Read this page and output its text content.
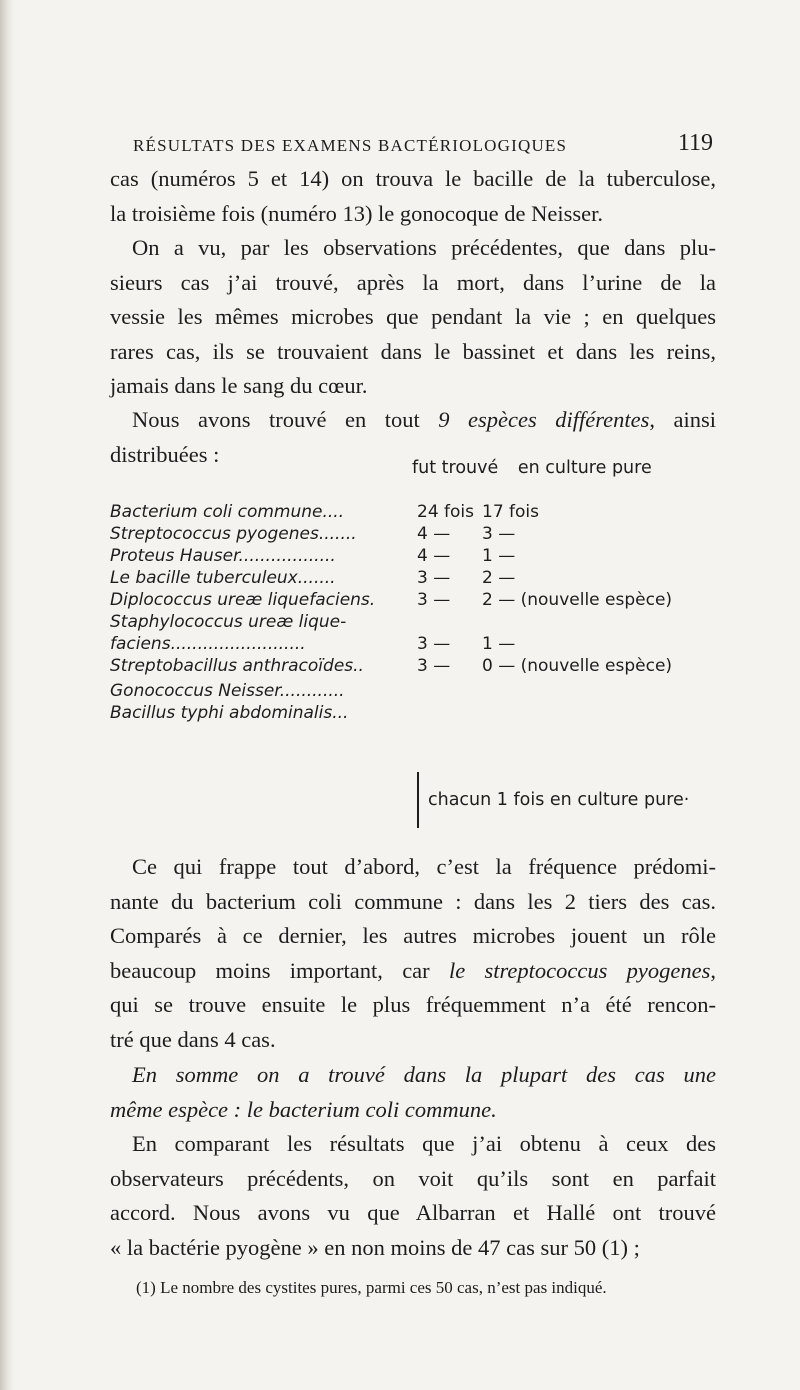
RÉSULTATS DES EXAMENS BACTÉRIOLOGIQUES	119
cas (numéros 5 et 14) on trouva le bacille de la tuberculose,
la troisième fois (numéro 13) le gonocoque de Neisser.
On a vu, par les observations précédentes, que dans plu-
sieurs cas j’ai trouvé, après la mort, dans l’urine de la
vessie les mêmes microbes que pendant la vie ; en quelques
rares cas, ils se trouvaient dans le bassinet et dans les reins,
jamais dans le sang du cœur.
Nous avons trouvé en tout 9 espèces différentes, ainsi
distribuées :
fut trouvé en culture pure
Bacterium coli commune....	24 fois 17 fois
Streptococcus pyogenes.......	4 — 3 —
Proteus Hauser..................	4 — 1 —
Le bacille tuberculeux.......	3 — 2 —
Diplococcus ureæ liquefaciens. 3 — 2 — (nouvelle espèce)
Staphylococcus ureæ lique-
faciens.........................	3 — 1 —
Streptobacillus anthracoïdes..	3 — 0 — (nouvelle espèce)
Gonococcus Neisser............
Bacillus typhi abdominalis...
chacun 1 fois en culture pure·
Ce qui frappe tout d’abord, c’est la fréquence prédomi-
nante du bacterium coli commune : dans les 2 tiers des cas.
Comparés à ce dernier, les autres microbes jouent un rôle
beaucoup moins important, car le streptococcus pyogenes,
qui se trouve ensuite le plus fréquemment n’a été rencon-
tré que dans 4 cas.
En somme on a trouvé dans la plupart des cas une
même espèce : le bacterium coli commune.
En comparant les résultats que j’ai obtenu à ceux des
observateurs précédents, on voit qu’ils sont en parfait
accord. Nous avons vu que Albarran et Hallé ont trouvé
« la bactérie pyogène » en non moins de 47 cas sur 50 (1) ;
(1) Le nombre des cystites pures, parmi ces 50 cas, n’est pas indiqué.
